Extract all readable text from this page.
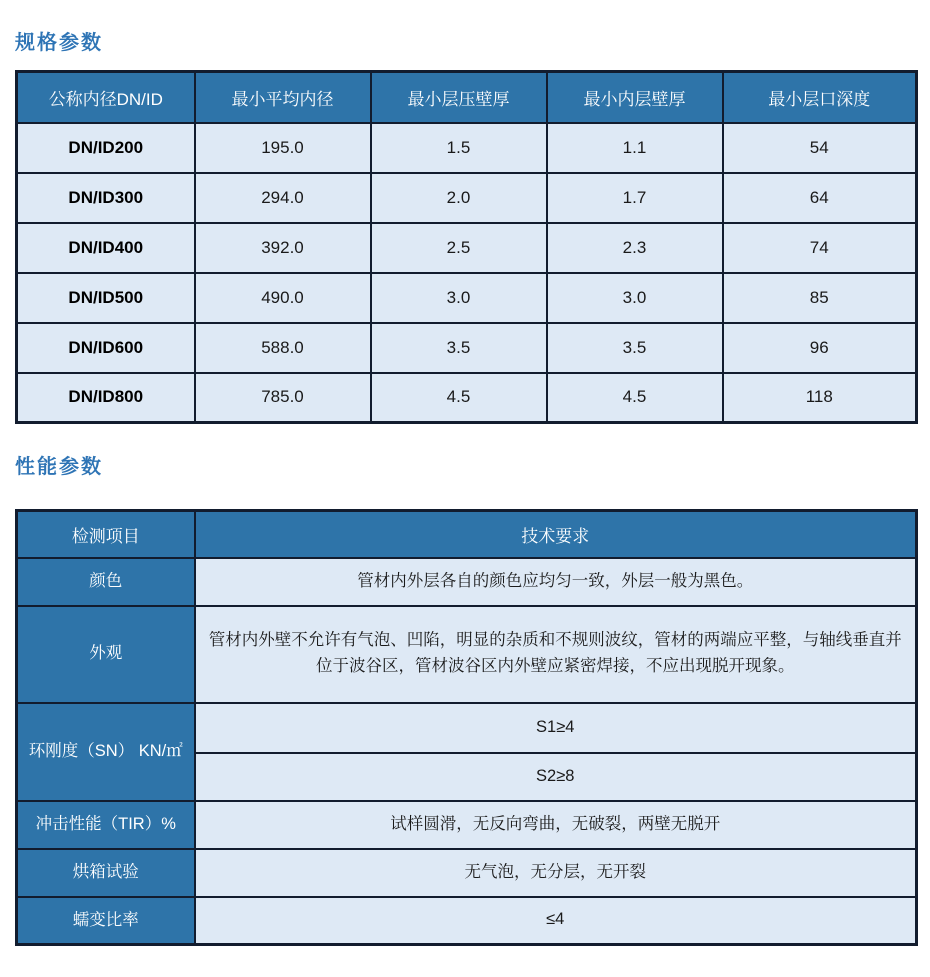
规格参数
公称内径DN/ID	最小平均内径	最小层压壁厚	最小内层壁厚	最小层口深度
DN/ID200	195.0	1.5	1.1	54
DN/ID300	294.0	2.0	1.7	64
DN/ID400	392.0	2.5	2.3	74
DN/ID500	490.0	3.0	3.0	85
DN/ID600	588.0	3.5	3.5	96
DN/ID800	785.0	4.5	4.5	118
性能参数
检测项目	技术要求
颜色	管材内外层各自的颜色应均匀一致，外层一般为黑色。
外观	管材内外壁不允许有气泡、凹陷，明显的杂质和不规则波纹，管材的两端应平整，与轴线垂直并位于波谷区，管材波谷区内外壁应紧密焊接，不应出现脱开现象。
环刚度（SN） KN/㎡	S1≥4
	S2≥8
冲击性能（TIR）%	试样圆滑，无反向弯曲，无破裂，两壁无脱开
烘箱试验	无气泡，无分层，无开裂
蠕变比率	≤4
